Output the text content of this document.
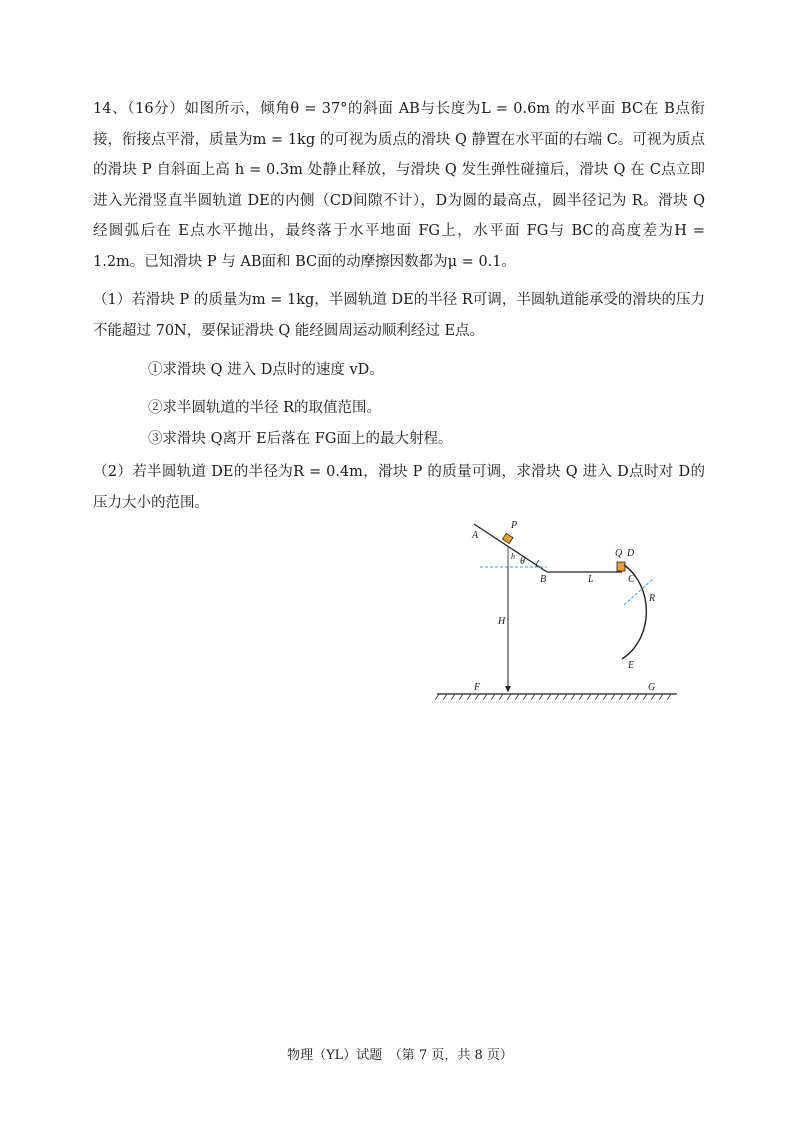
14、（16分）如图所示，倾角θ = 37°的斜面 AB与长度为L = 0.6m 的水平面 BC在 B点衔接，衔接点平滑，质量为m = 1kg 的可视为质点的滑块 Q 静置在水平面的右端 C。可视为质点的滑块 P 自斜面上高 h = 0.3m 处静止释放，与滑块 Q 发生弹性碰撞后，滑块 Q 在 C点立即进入光滑竖直半圆轨道 DE的内侧（CD间隙不计），D为圆的最高点，圆半径记为 R。滑块 Q 经圆弧后在 E点水平抛出，最终落于水平地面 FG上，水平面 FG与 BC的高度差为H = 1.2m。已知滑块 P 与 AB面和 BC面的动摩擦因数都为μ = 0.1。

（1）若滑块 P 的质量为m = 1kg，半圆轨道 DE的半径 R可调，半圆轨道能承受的滑块的压力不能超过 70N，要保证滑块 Q 能经圆周运动顺利经过 E点。

①求滑块 Q 进入 D点时的速度 vD。

②求半圆轨道的半径 R的取值范围。

③求滑块 Q离开 E后落在 FG面上的最大射程。

（2）若半圆轨道 DE的半径为R = 0.4m，滑块 P 的质量可调，求滑块 Q 进入 D点时对 D的压力大小的范围。

A
P
h θ
B	L
Q D
C
R
H
E
F	G
物理（YL）试题　（第 7 页，共 8 页）
